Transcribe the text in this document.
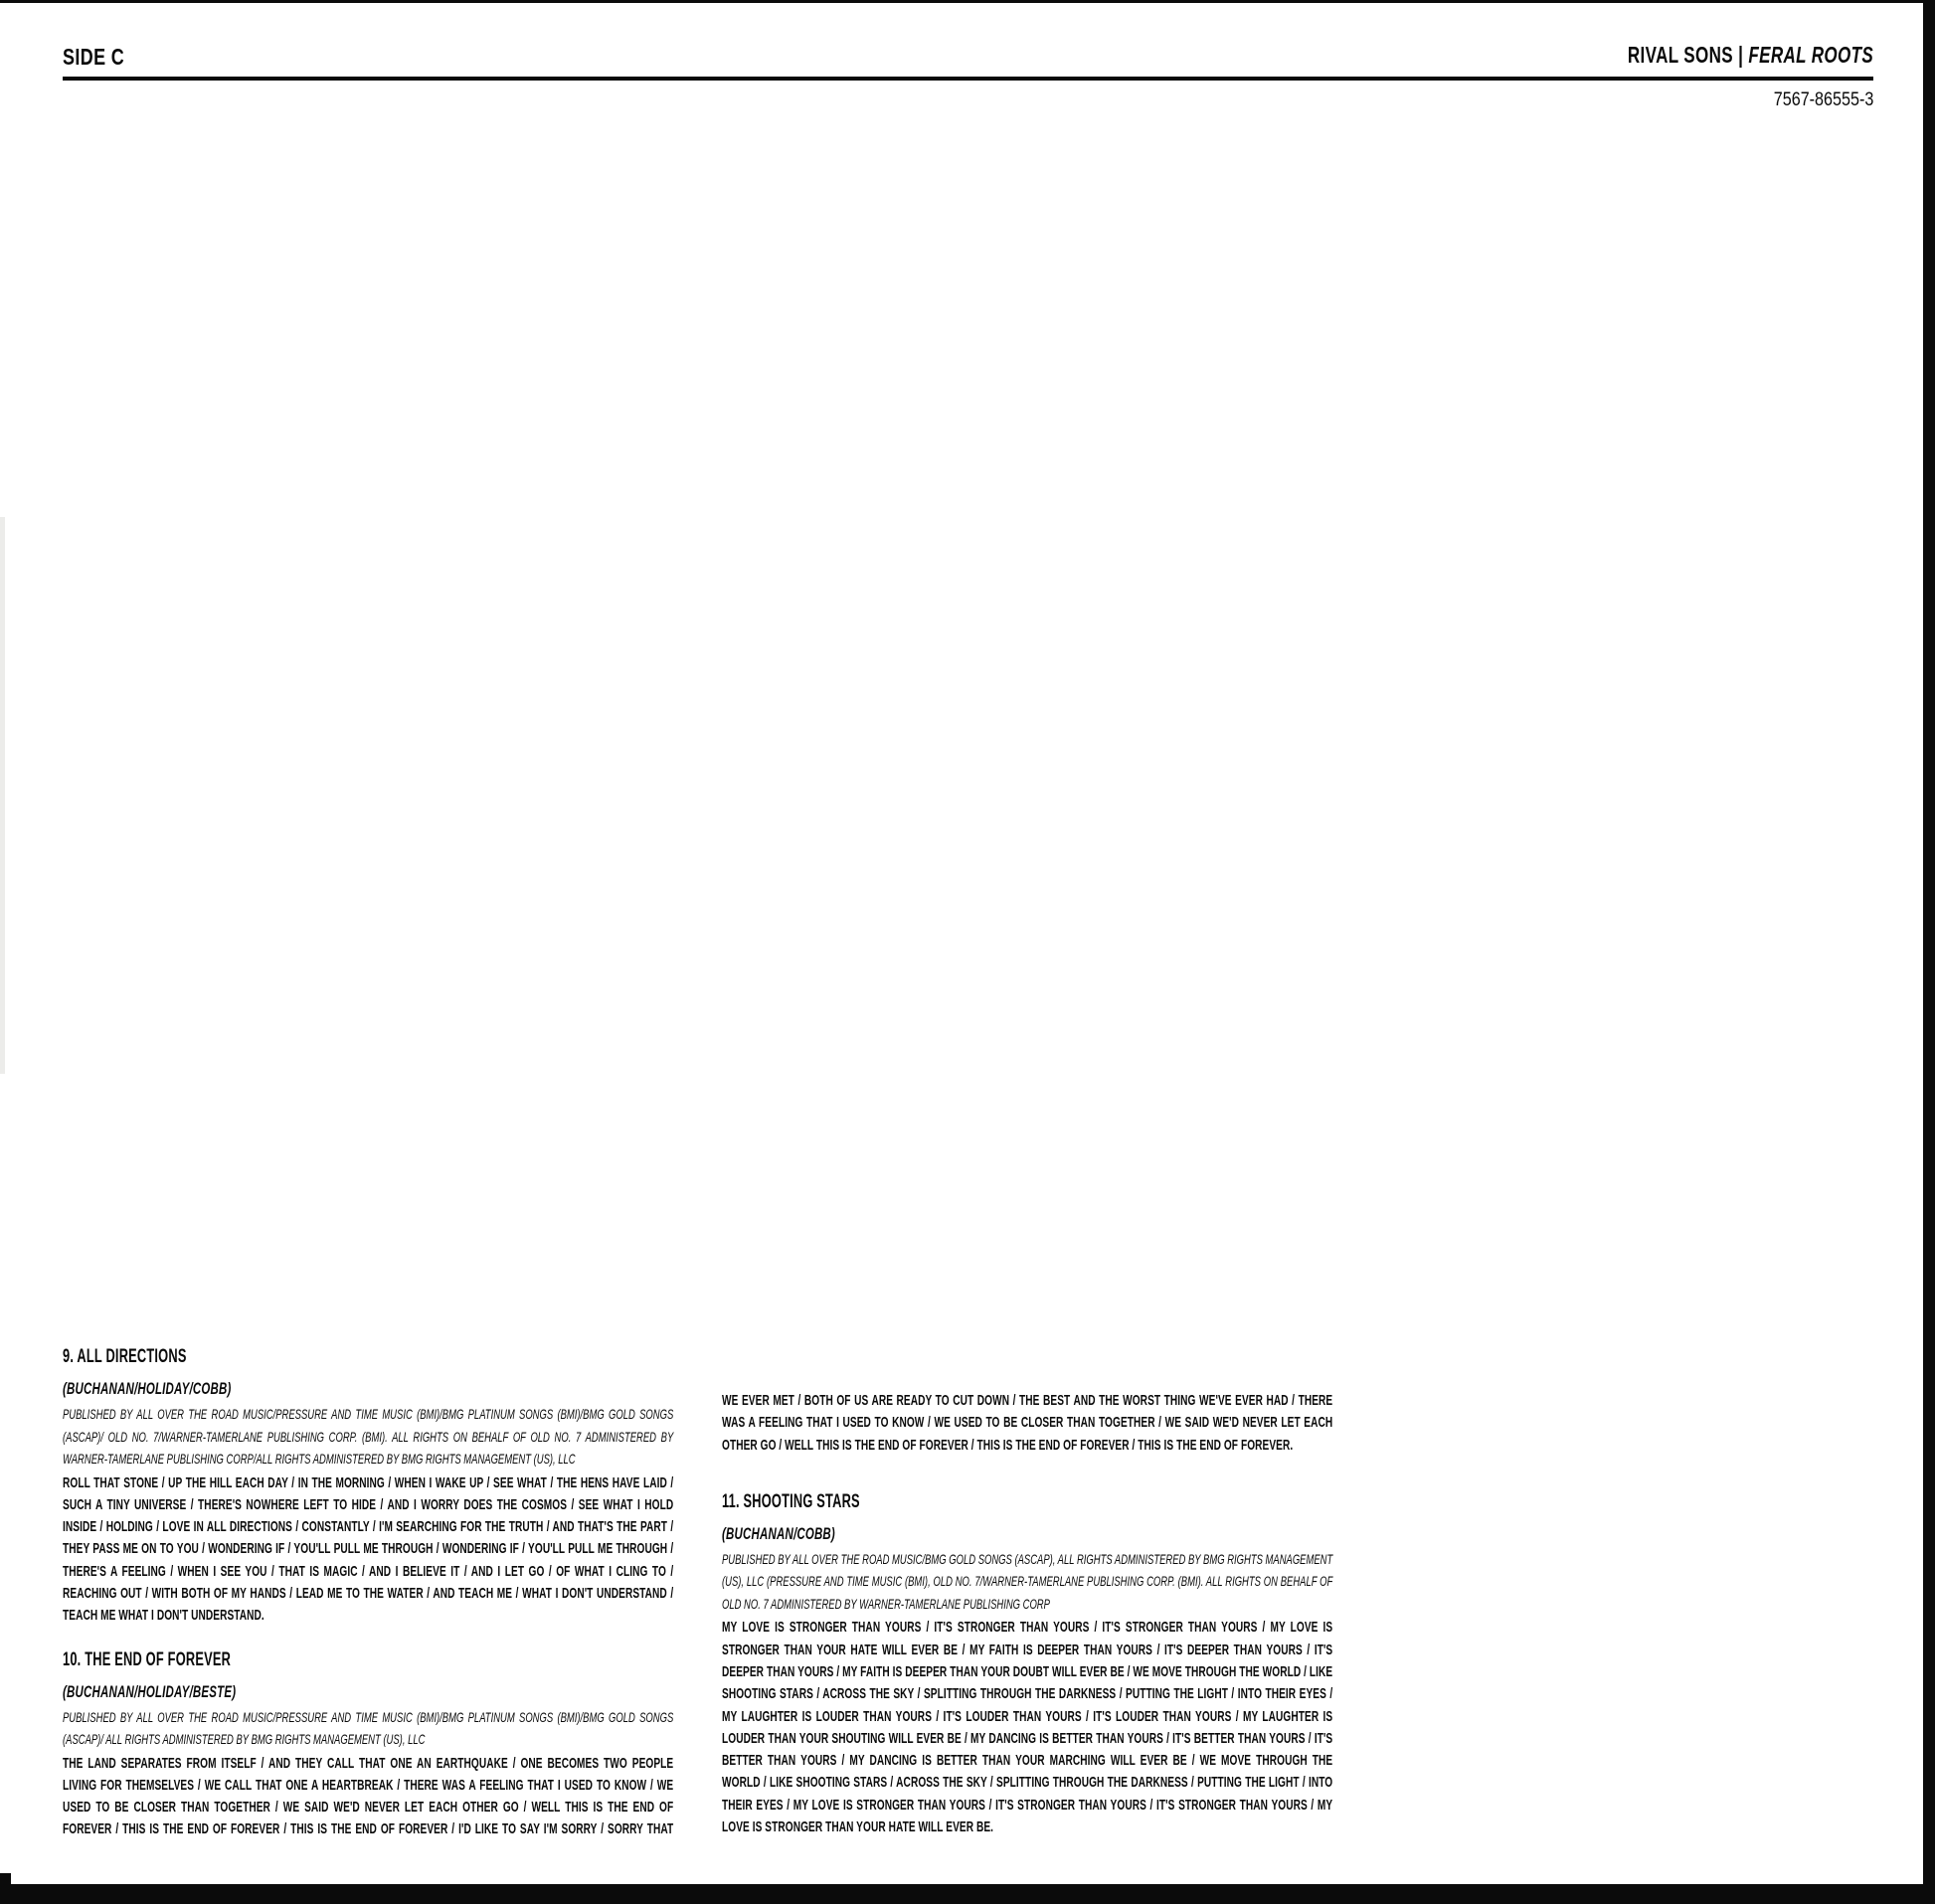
SIDE C	RIVAL SONS | FERAL ROOTS
7567-86555-3

9. ALL DIRECTIONS

(BUCHANAN/HOLIDAY/COBB)

PUBLISHED BY ALL OVER THE ROAD MUSIC/PRESSURE AND TIME MUSIC (BMI)/BMG PLATINUM SONGS (BMI)/BMG GOLD SONGS (ASCAP)/ OLD NO. 7/WARNER-TAMERLANE PUBLISHING CORP. (BMI). ALL RIGHTS ON BEHALF OF OLD NO. 7 ADMINISTERED BY WARNER-TAMERLANE PUBLISHING CORP/ALL RIGHTS ADMINISTERED BY BMG RIGHTS MANAGEMENT (US), LLC

ROLL THAT STONE / UP THE HILL EACH DAY / IN THE MORNING / WHEN I WAKE UP / SEE WHAT / THE HENS HAVE LAID / SUCH A TINY UNIVERSE / THERE'S NOWHERE LEFT TO HIDE / AND I WORRY DOES THE COSMOS / SEE WHAT I HOLD INSIDE / HOLDING / LOVE IN ALL DIRECTIONS / CONSTANTLY / I'M SEARCHING FOR THE TRUTH / AND THAT'S THE PART / THEY PASS ME ON TO YOU / WONDERING IF / YOU'LL PULL ME THROUGH / WONDERING IF / YOU'LL PULL ME THROUGH / THERE'S A FEELING / WHEN I SEE YOU / THAT IS MAGIC / AND I BELIEVE IT / AND I LET GO / OF WHAT I CLING TO / REACHING OUT / WITH BOTH OF MY HANDS / LEAD ME TO THE WATER / AND TEACH ME / WHAT I DON'T UNDERSTAND / TEACH ME WHAT I DON'T UNDERSTAND.

10. THE END OF FOREVER

(BUCHANAN/HOLIDAY/BESTE)

PUBLISHED BY ALL OVER THE ROAD MUSIC/PRESSURE AND TIME MUSIC (BMI)/BMG PLATINUM SONGS (BMI)/BMG GOLD SONGS (ASCAP)/ ALL RIGHTS ADMINISTERED BY BMG RIGHTS MANAGEMENT (US), LLC

THE LAND SEPARATES FROM ITSELF / AND THEY CALL THAT ONE AN EARTHQUAKE / ONE BECOMES TWO PEOPLE LIVING FOR THEMSELVES / WE CALL THAT ONE A HEARTBREAK / THERE WAS A FEELING THAT I USED TO KNOW / WE USED TO BE CLOSER THAN TOGETHER / WE SAID WE'D NEVER LET EACH OTHER GO / WELL THIS IS THE END OF FOREVER / THIS IS THE END OF FOREVER / THIS IS THE END OF FOREVER / I'D LIKE TO SAY I'M SORRY / SORRY THAT

WE EVER MET / BOTH OF US ARE READY TO CUT DOWN / THE BEST AND THE WORST THING WE'VE EVER HAD / THERE WAS A FEELING THAT I USED TO KNOW / WE USED TO BE CLOSER THAN TOGETHER / WE SAID WE'D NEVER LET EACH OTHER GO / WELL THIS IS THE END OF FOREVER / THIS IS THE END OF FOREVER / THIS IS THE END OF FOREVER.

11. SHOOTING STARS

(BUCHANAN/COBB)

PUBLISHED BY ALL OVER THE ROAD MUSIC/BMG GOLD SONGS (ASCAP), ALL RIGHTS ADMINISTERED BY BMG RIGHTS MANAGEMENT (US), LLC (PRESSURE AND TIME MUSIC (BMI), OLD NO. 7/WARNER-TAMERLANE PUBLISHING CORP. (BMI). ALL RIGHTS ON BEHALF OF OLD NO. 7 ADMINISTERED BY WARNER-TAMERLANE PUBLISHING CORP

MY LOVE IS STRONGER THAN YOURS / IT'S STRONGER THAN YOURS / IT'S STRONGER THAN YOURS / MY LOVE IS STRONGER THAN YOUR HATE WILL EVER BE / MY FAITH IS DEEPER THAN YOURS / IT'S DEEPER THAN YOURS / IT'S DEEPER THAN YOURS / MY FAITH IS DEEPER THAN YOUR DOUBT WILL EVER BE / WE MOVE THROUGH THE WORLD / LIKE SHOOTING STARS / ACROSS THE SKY / SPLITTING THROUGH THE DARKNESS / PUTTING THE LIGHT / INTO THEIR EYES / MY LAUGHTER IS LOUDER THAN YOURS / IT'S LOUDER THAN YOURS / IT'S LOUDER THAN YOURS / MY LAUGHTER IS LOUDER THAN YOUR SHOUTING WILL EVER BE / MY DANCING IS BETTER THAN YOURS / IT'S BETTER THAN YOURS / IT'S BETTER THAN YOURS / MY DANCING IS BETTER THAN YOUR MARCHING WILL EVER BE / WE MOVE THROUGH THE WORLD / LIKE SHOOTING STARS / ACROSS THE SKY / SPLITTING THROUGH THE DARKNESS / PUTTING THE LIGHT / INTO THEIR EYES / MY LOVE IS STRONGER THAN YOURS / IT'S STRONGER THAN YOURS / IT'S STRONGER THAN YOURS / MY LOVE IS STRONGER THAN YOUR HATE WILL EVER BE.
